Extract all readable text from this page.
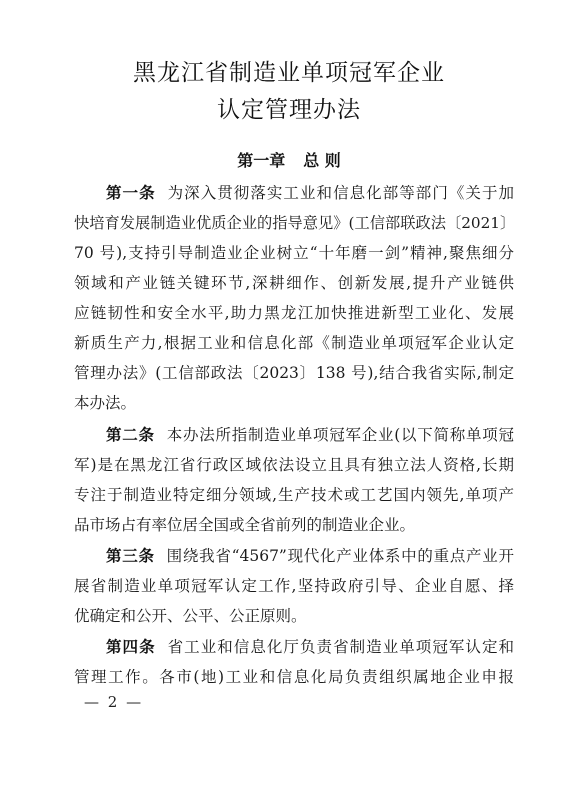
黑龙江省制造业单项冠军企业
认定管理办法
第一章 总 则
第一条 为深入贯彻落实工业和信息化部等部门《关于加
快培育发展制造业优质企业的指导意见》(工信部联政法〔2021〕
70 号),支持引导制造业企业树立“十年磨一剑”精神,聚焦细分
领域和产业链关键环节,深耕细作、创新发展,提升产业链供
应链韧性和安全水平,助力黑龙江加快推进新型工业化、发展
新质生产力,根据工业和信息化部《制造业单项冠军企业认定
管理办法》(工信部政法〔2023〕138 号),结合我省实际,制定
本办法。
第二条 本办法所指制造业单项冠军企业(以下简称单项冠
军)是在黑龙江省行政区域依法设立且具有独立法人资格,长期
专注于制造业特定细分领域,生产技术或工艺国内领先,单项产
品市场占有率位居全国或全省前列的制造业企业。
第三条 围绕我省“4567”现代化产业体系中的重点产业开
展省制造业单项冠军认定工作,坚持政府引导、企业自愿、择
优确定和公开、公平、公正原则。
第四条 省工业和信息化厅负责省制造业单项冠军认定和
管理工作。各市(地)工业和信息化局负责组织属地企业申报
— 2 —
